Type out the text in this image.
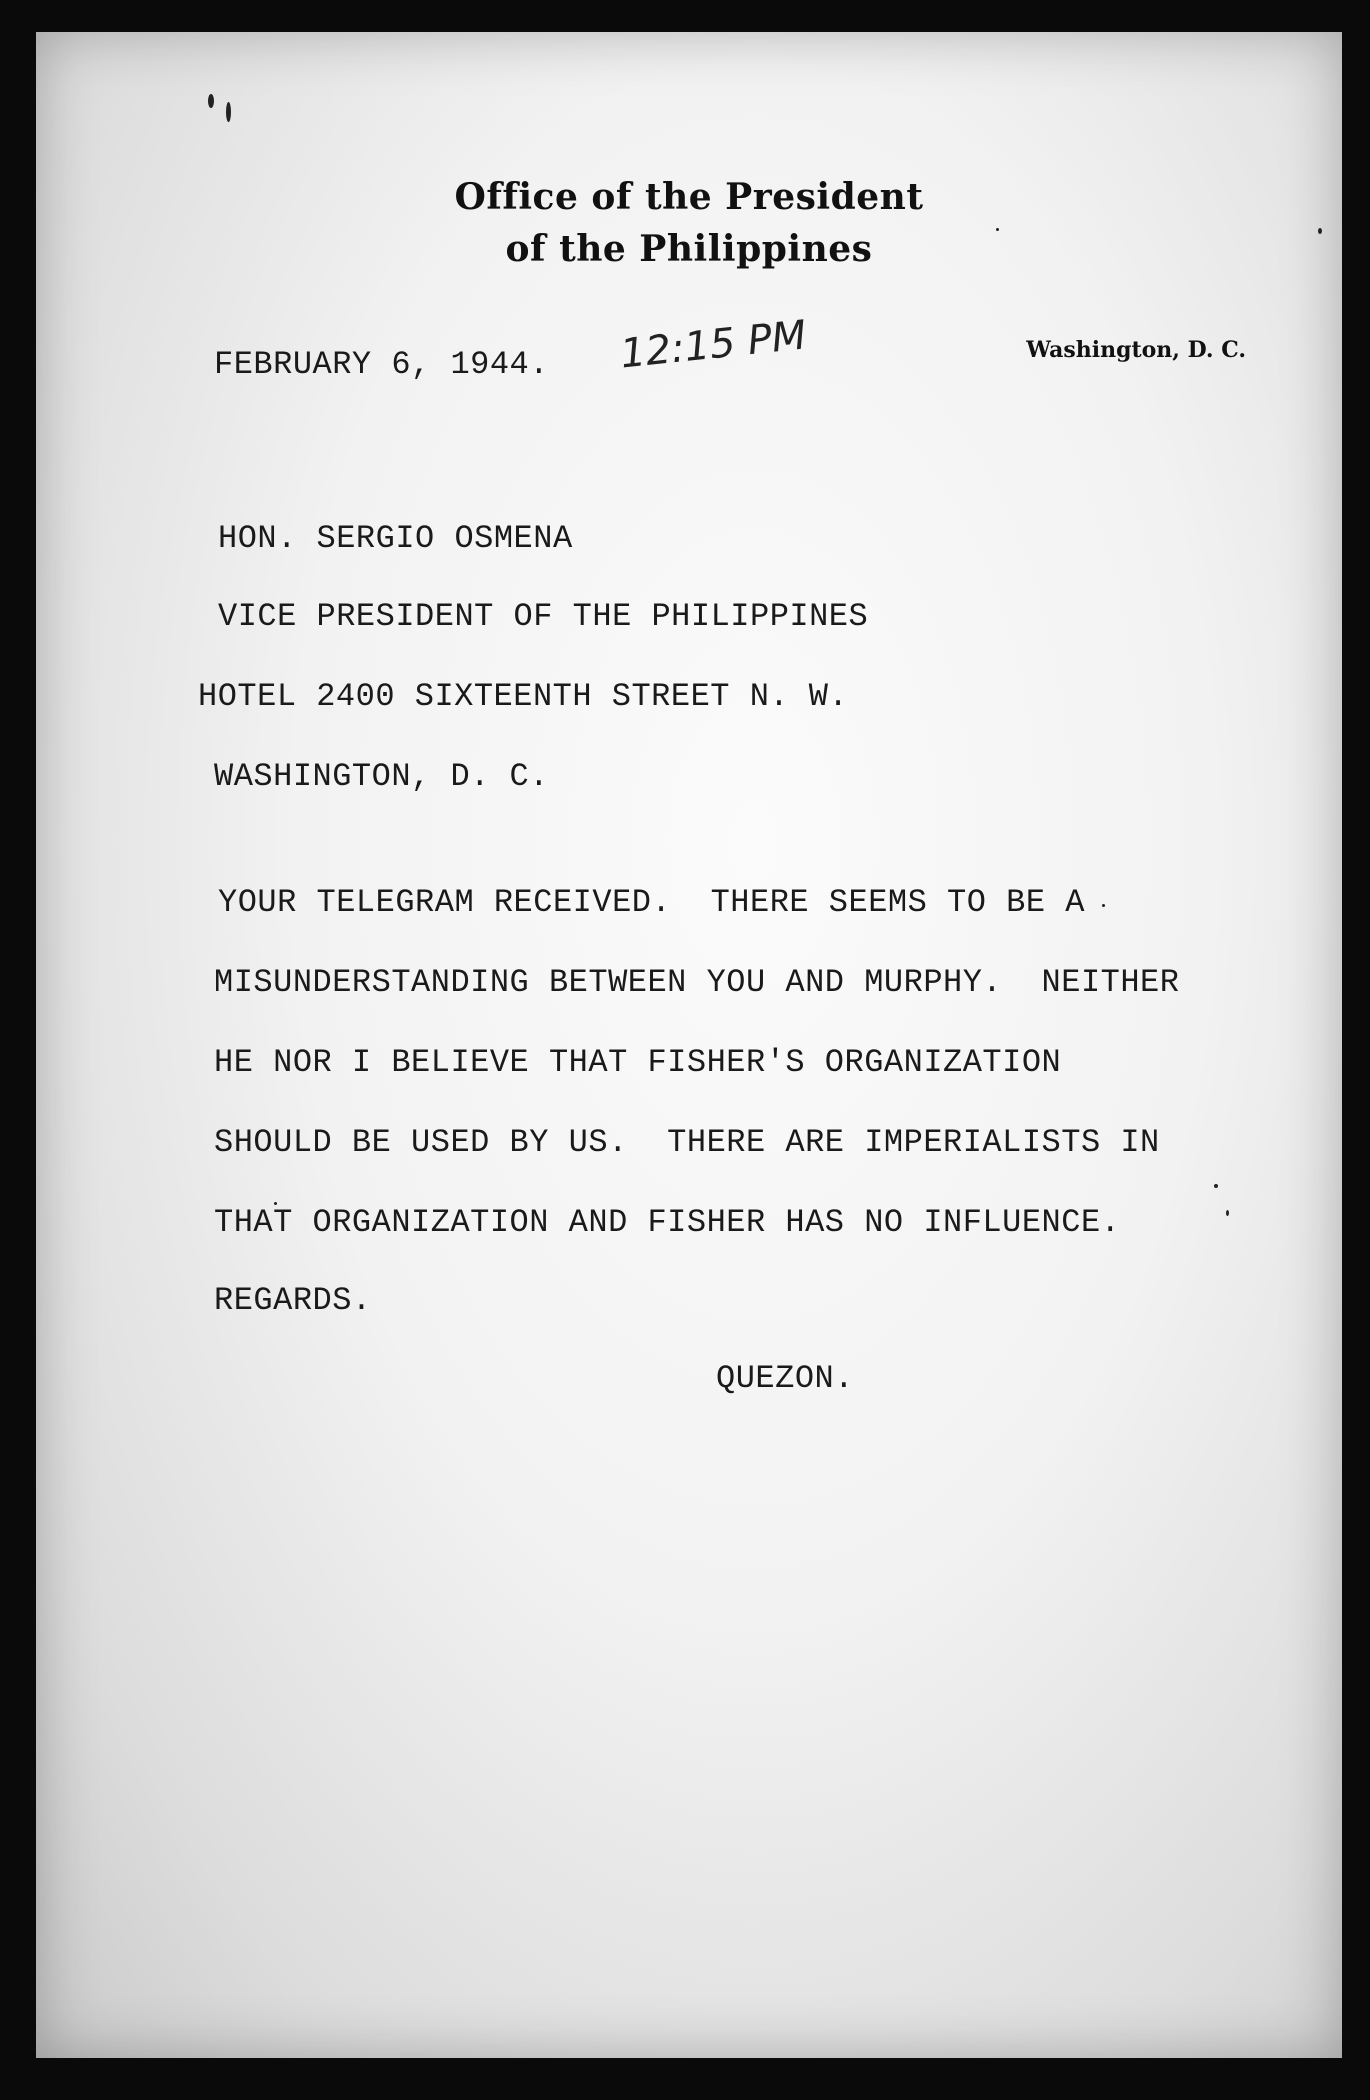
Office of the President
of the Philippines
Washington, D. C.
FEBRUARY 6, 1944. 12:15 PM
HON. SERGIO OSMENA
VICE PRESIDENT OF THE PHILIPPINES
HOTEL 2400 SIXTEENTH STREET N. W.
WASHINGTON, D. C.
YOUR TELEGRAM RECEIVED.  THERE SEEMS TO BE A
MISUNDERSTANDING BETWEEN YOU AND MURPHY.  NEITHER
HE NOR I BELIEVE THAT FISHER'S ORGANIZATION
SHOULD BE USED BY US.  THERE ARE IMPERIALISTS IN
THAT ORGANIZATION AND FISHER HAS NO INFLUENCE.
REGARDS.
QUEZON.
